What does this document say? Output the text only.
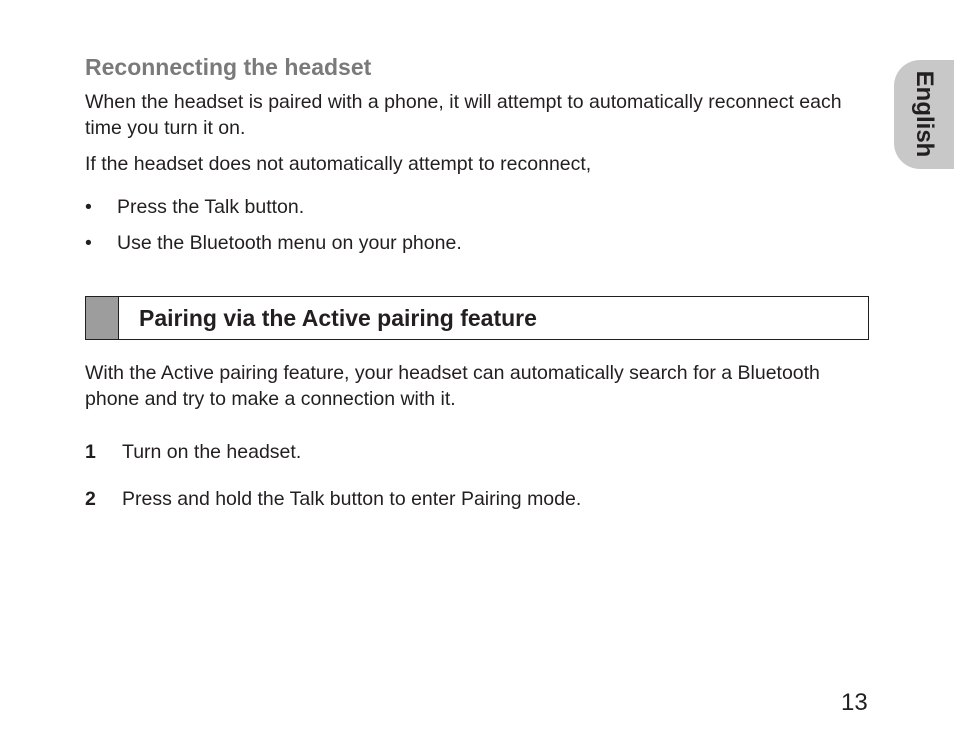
English
Reconnecting the headset

When the headset is paired with a phone, it will attempt to automatically reconnect each time you turn it on.

If the headset does not automatically attempt to reconnect,

• Press the Talk button.
• Use the Bluetooth menu on your phone.
Pairing via the Active pairing feature

With the Active pairing feature, your headset can automatically search for a Bluetooth phone and try to make a connection with it.

1 Turn on the headset.
2 Press and hold the Talk button to enter Pairing mode.
13
